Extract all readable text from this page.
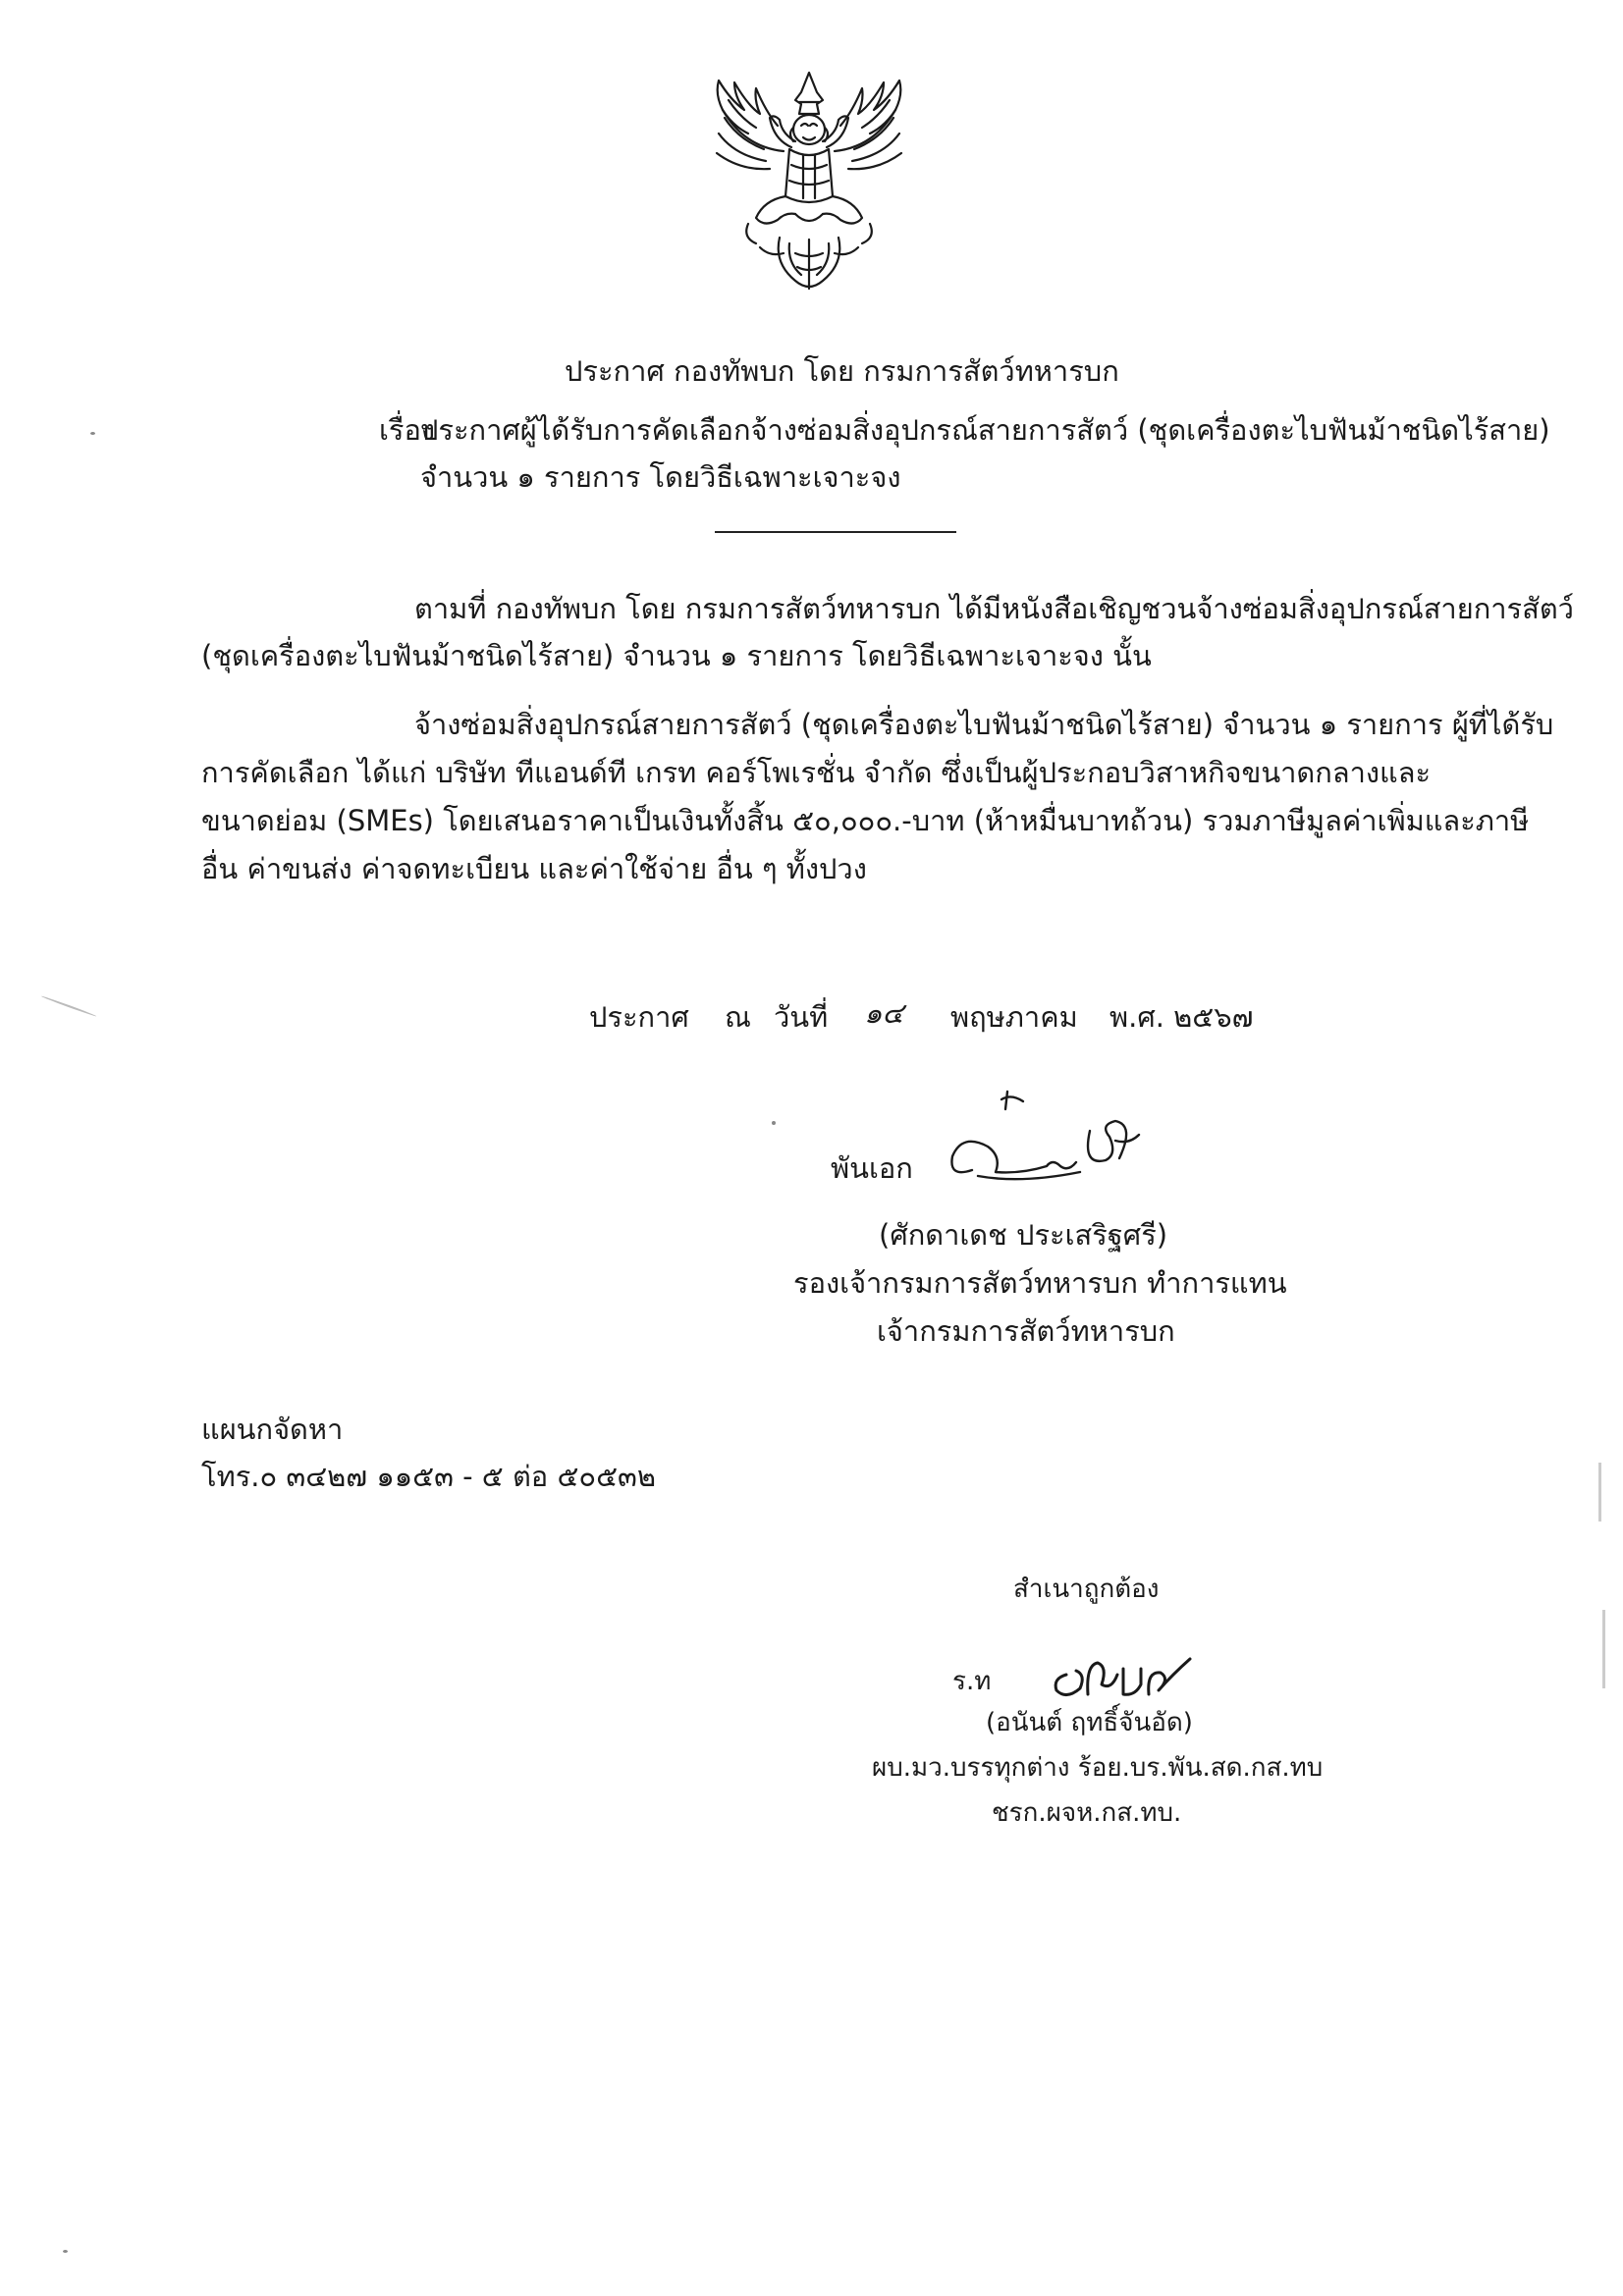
ประกาศ กองทัพบก โดย กรมการสัตว์ทหารบก
เรื่อง
ประกาศผู้ได้รับการคัดเลือกจ้างซ่อมสิ่งอุปกรณ์สายการสัตว์ (ชุดเครื่องตะไบฟันม้าชนิดไร้สาย)
จำนวน ๑ รายการ โดยวิธีเฉพาะเจาะจง
ตามที่ กองทัพบก โดย กรมการสัตว์ทหารบก ได้มีหนังสือเชิญชวนจ้างซ่อมสิ่งอุปกรณ์สายการสัตว์
(ชุดเครื่องตะไบฟันม้าชนิดไร้สาย) จำนวน ๑ รายการ โดยวิธีเฉพาะเจาะจง นั้น
จ้างซ่อมสิ่งอุปกรณ์สายการสัตว์ (ชุดเครื่องตะไบฟันม้าชนิดไร้สาย) จำนวน ๑ รายการ ผู้ที่ได้รับ
การคัดเลือก ได้แก่ บริษัท ทีแอนด์ที เกรท คอร์โพเรชั่น จำกัด ซึ่งเป็นผู้ประกอบวิสาหกิจขนาดกลางและ
ขนาดย่อม (SMEs) โดยเสนอราคาเป็นเงินทั้งสิ้น ๕๐,๐๐๐.-บาท (ห้าหมื่นบาทถ้วน) รวมภาษีมูลค่าเพิ่มและภาษี
อื่น ค่าขนส่ง ค่าจดทะเบียน และค่าใช้จ่าย อื่น ๆ ทั้งปวง
ประกาศ ณ วันที่ ๑๔ พฤษภาคม พ.ศ. ๒๕๖๗
พันเอก
(ศักดาเดช ประเสริฐศรี)
รองเจ้ากรมการสัตว์ทหารบก ทำการแทน
เจ้ากรมการสัตว์ทหารบก
แผนกจัดหา
โทร.๐ ๓๔๒๗ ๑๑๕๓ - ๕ ต่อ ๕๐๕๓๒
สำเนาถูกต้อง
ร.ท
(อนันต์ ฤทธิ์จันอัด)
ผบ.มว.บรรทุกต่าง ร้อย.บร.พัน.สด.กส.ทบ
ชรก.ผจห.กส.ทบ.
